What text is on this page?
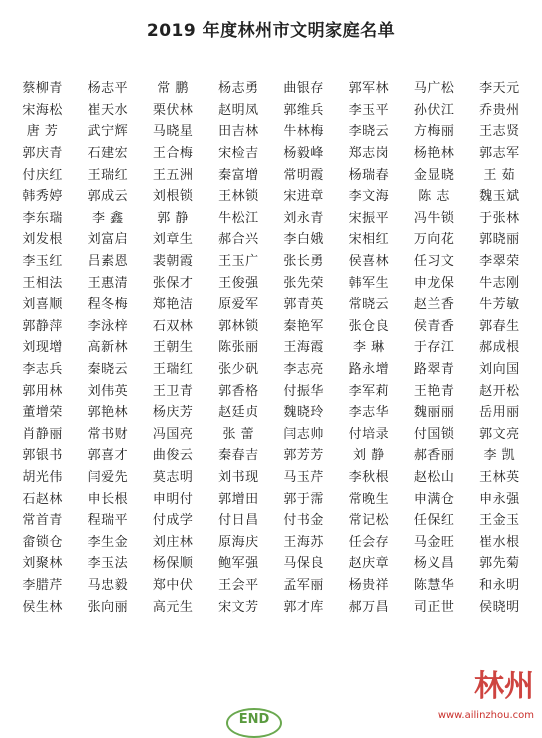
2019 年度林州市文明家庭名单
蔡柳青	杨志平	常 鹏	杨志勇	曲银存	郭军林	马广松	李天元
宋海松	崔天水	栗伏林	赵明凤	郭维兵	李玉平	孙伏江	乔贵州
唐 芳	武宁辉	马晓星	田吉林	牛林梅	李晓云	方梅丽	王志贤
郭庆青	石建宏	王合梅	宋检吉	杨毅峰	郑志岗	杨艳林	郭志军
付庆红	王瑞红	王五洲	秦富增	常明霞	杨瑞春	金显晓	王 茹
韩秀婷	郭成云	刘根锁	王林锁	宋进章	李文海	陈 志	魏玉斌
李东瑞	李 鑫	郭 静	牛松江	刘永青	宋振平	冯牛锁	于张林
刘发根	刘富启	刘章生	郝合兴	李白娥	宋相红	万向花	郭晓丽
李玉红	吕素恩	裴朝霞	王玉广	张长勇	侯喜林	任习文	李翠荣
王相法	王惠清	张保才	王俊强	张先荣	韩军生	申龙保	牛志刚
刘喜顺	程冬梅	郑艳洁	原爱军	郭青英	常晓云	赵兰香	牛芳敏
郭静萍	李泳梓	石双林	郭林锁	秦艳军	张仓良	侯青香	郭春生
刘现增	高新林	王朝生	陈张丽	王海霞	李 琳	于存江	郝成根
李志兵	秦晓云	王瑞红	张少矾	李志亮	路永增	路翠青	刘向国
郭用林	刘伟英	王卫青	郭香格	付振华	李军莉	王艳青	赵开松
董增荣	郭艳林	杨庆芳	赵廷贞	魏晓玲	李志华	魏丽丽	岳用丽
肖静丽	常书财	冯国亮	张 蕾	闫志帅	付培录	付国锁	郭文亮
郭银书	郭喜才	曲俊云	秦春吉	郭芳芳	刘 静	郝香丽	李 凯
胡光伟	闫爱先	莫志明	刘书现	马玉芹	李秋根	赵松山	王林英
石赵林	申长根	申明付	郭增田	郭于霈	常晚生	申满仓	申永强
常首青	程瑞平	付成学	付日昌	付书金	常记松	任保红	王金玉
畲锁仓	李生金	刘庄林	原海庆	王海苏	任会存	马金旺	崔水根
刘聚林	李玉法	杨保顺	鲍军强	马保良	赵庆章	杨义昌	郭先菊
李腊芹	马忠毅	郑中伏	王会平	孟军丽	杨贵祥	陈慧华	和永明
侯生林	张向丽	高元生	宋文芳	郭才库	郝万昌	司正世	侯晓明
END
林州
www.ailinzhou.com
